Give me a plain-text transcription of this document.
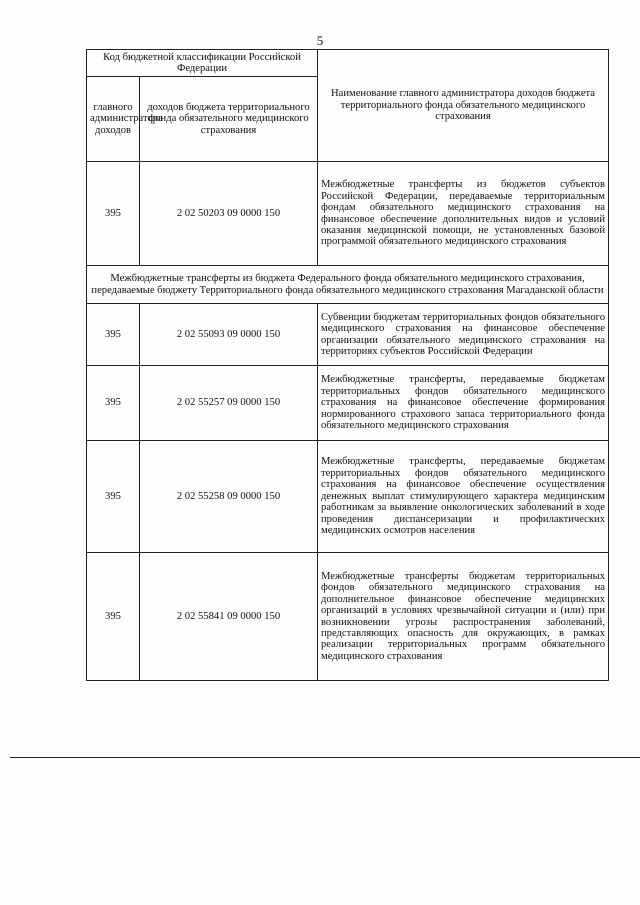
5
Код бюджетной классификации Российской Федерации		Наименование главного администратора доходов бюджета территориального фонда обязательного медицинского страхования
главного администратора доходов	доходов бюджета территориального фонда обязательного медицинского страхования	
395	2 02 50203 09 0000 150	Межбюджетные трансферты из бюджетов субъектов Российской Федерации, передаваемые территориальным фондам обязательного медицинского страхования на финансовое обеспечение дополнительных видов и условий оказания медицинской помощи, не установленных базовой программой обязательного медицинского страхования
Межбюджетные трансферты из бюджета Федерального фонда обязательного медицинского страхования, передаваемые бюджету Территориального фонда обязательного медицинского страхования Магаданской области		
395	2 02 55093 09 0000 150	Субвенции бюджетам территориальных фондов обязательного медицинского страхования на финансовое обеспечение организации обязательного медицинского страхования на территориях субъектов Российской Федерации
395	2 02 55257 09 0000 150	Межбюджетные трансферты, передаваемые бюджетам территориальных фондов обязательного медицинского страхования на финансовое обеспечение формирования нормированного страхового запаса территориального фонда обязательного медицинского страхования
395	2 02 55258 09 0000 150	Межбюджетные трансферты, передаваемые бюджетам территориальных фондов обязательного медицинского страхования на финансовое обеспечение осуществления денежных выплат стимулирующего характера медицинским работникам за выявление онкологических заболеваний в ходе проведения диспансеризации и профилактических медицинских осмотров населения
395	2 02 55841 09 0000 150	Межбюджетные трансферты бюджетам территориальных фондов обязательного медицинского страхования на дополнительное финансовое обеспечение медицинских организаций в условиях чрезвычайной ситуации и (или) при возникновении угрозы распространения заболеваний, представляющих опасность для окружающих, в рамках реализации территориальных программ обязательного медицинского страхования
